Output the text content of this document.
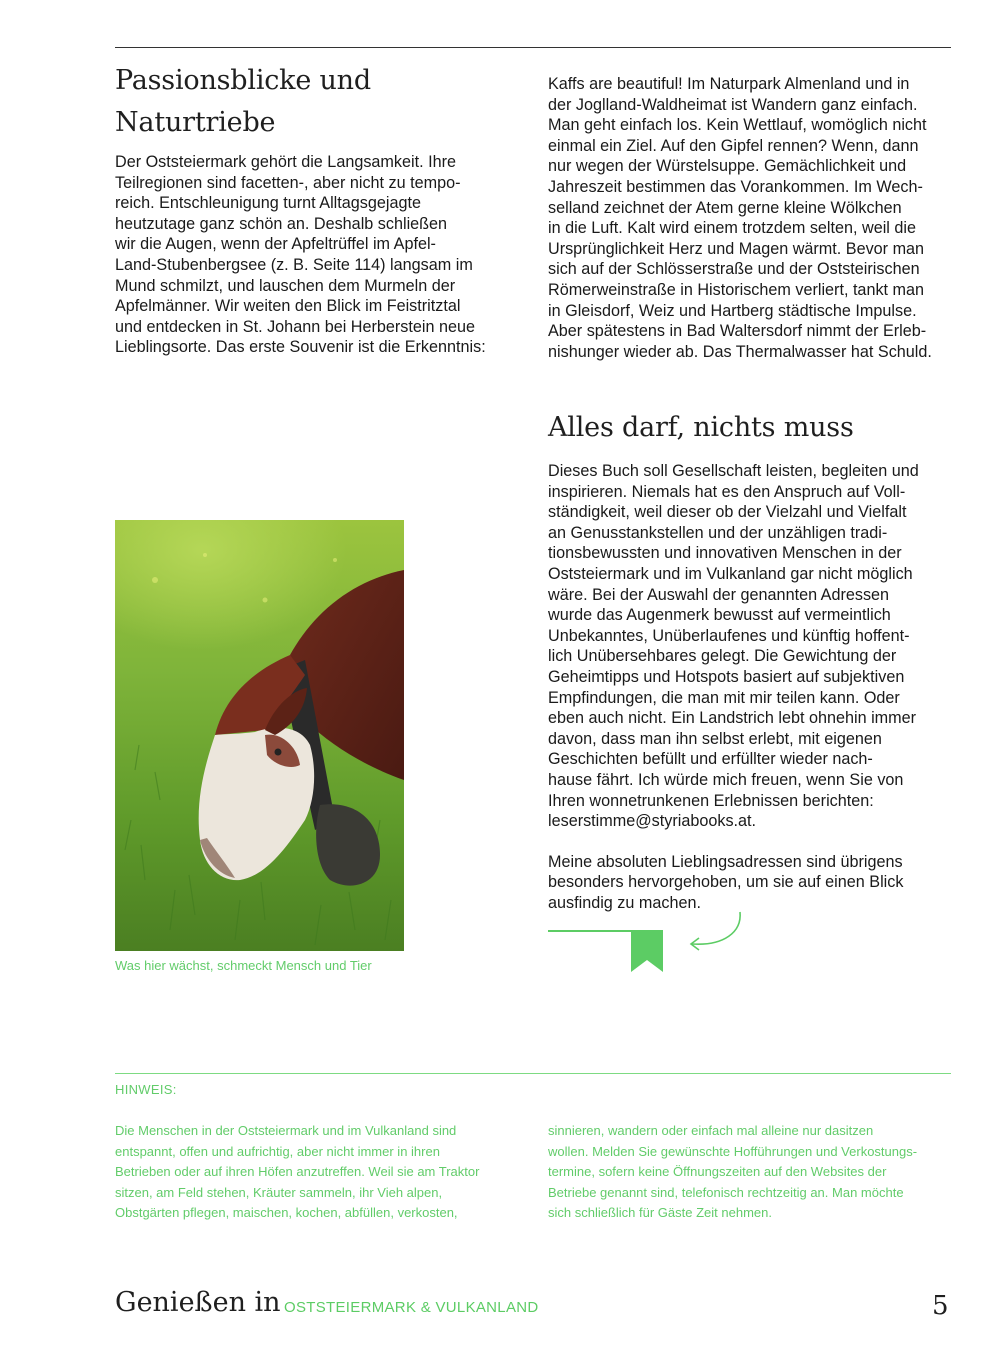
Passionsblicke und
Naturtriebe

Der Oststeiermark gehört die Langsamkeit. Ihre
Teilregionen sind facetten-, aber nicht zu tempo-
reich. Entschleunigung turnt Alltagsgejagte
heutzutage ganz schön an. Deshalb schließen
wir die Augen, wenn der Apfeltrüffel im Apfel-
Land-Stubenbergsee (z. B. Seite 114) langsam im
Mund schmilzt, und lauschen dem Murmeln der
Apfelmänner. Wir weiten den Blick im Feistritztal
und entdecken in St. Johann bei Herberstein neue
Lieblingsorte. Das erste Souvenir ist die Erkenntnis:

Kaffs are beautiful! Im Naturpark Almenland und in
der Joglland-Waldheimat ist Wandern ganz einfach.
Man geht einfach los. Kein Wettlauf, womöglich nicht
einmal ein Ziel. Auf den Gipfel rennen? Wenn, dann
nur wegen der Würstelsuppe. Gemächlichkeit und
Jahreszeit bestimmen das Vorankommen. Im Wech-
selland zeichnet der Atem gerne kleine Wölkchen
in die Luft. Kalt wird einem trotzdem selten, weil die
Ursprünglichkeit Herz und Magen wärmt. Bevor man
sich auf der Schlösserstraße und der Oststeirischen
Römerweinstraße in Historischem verliert, tankt man
in Gleisdorf, Weiz und Hartberg städtische Impulse.
Aber spätestens in Bad Waltersdorf nimmt der Erleb-
nishunger wieder ab. Das Thermalwasser hat Schuld.

Alles darf, nichts muss

Dieses Buch soll Gesellschaft leisten, begleiten und
inspirieren. Niemals hat es den Anspruch auf Voll-
ständigkeit, weil dieser ob der Vielzahl und Vielfalt
an Genusstankstellen und der unzähligen tradi-
tionsbewussten und innovativen Menschen in der
Oststeiermark und im Vulkanland gar nicht möglich
wäre. Bei der Auswahl der genannten Adressen
wurde das Augenmerk bewusst auf vermeintlich
Unbekanntes, Unüberlaufenes und künftig hoffent-
lich Unübersehbares gelegt. Die Gewichtung der
Geheimtipps und Hotspots basiert auf subjektiven
Empfindungen, die man mit mir teilen kann. Oder
eben auch nicht. Ein Landstrich lebt ohnehin immer
davon, dass man ihn selbst erlebt, mit eigenen
Geschichten befüllt und erfüllter wieder nach-
hause fährt. Ich würde mich freuen, wenn Sie von
Ihren wonnetrunkenen Erlebnissen berichten:
leserstimme@styriabooks.at.

Meine absoluten Lieblingsadressen sind übrigens
besonders hervorgehoben, um sie auf einen Blick
ausfindig zu machen.

Was hier wächst, schmeckt Mensch und Tier
HINWEIS:

Die Menschen in der Oststeiermark und im Vulkanland sind
entspannt, offen und aufrichtig, aber nicht immer in ihren
Betrieben oder auf ihren Höfen anzutreffen. Weil sie am Traktor
sitzen, am Feld stehen, Kräuter sammeln, ihr Vieh alpen,
Obstgärten pflegen, maischen, kochen, abfüllen, verkosten,

sinnieren, wandern oder einfach mal alleine nur dasitzen
wollen. Melden Sie gewünschte Hofführungen und Verkostungs-
termine, sofern keine Öffnungszeiten auf den Websites der
Betriebe genannt sind, telefonisch rechtzeitig an. Man möchte
sich schließlich für Gäste Zeit nehmen.

Genießen in OSTSTEIERMARK & VULKANLAND	5
